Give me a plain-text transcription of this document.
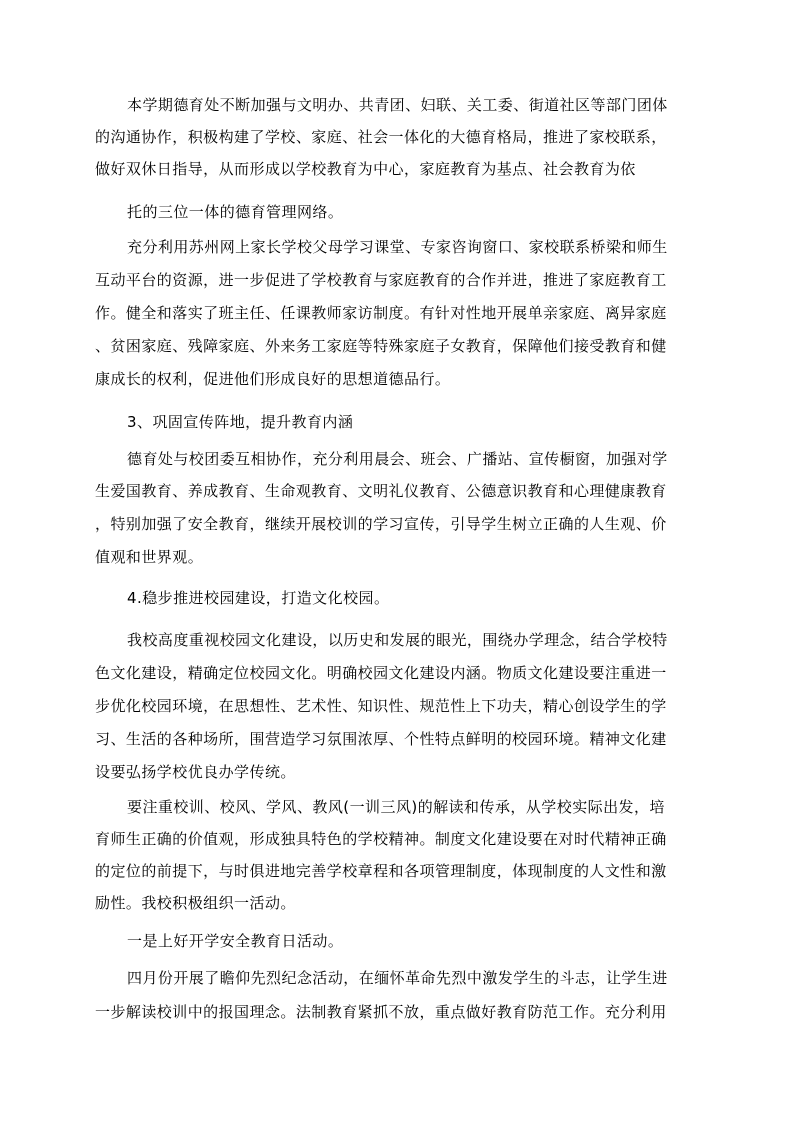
本学期德育处不断加强与文明办、共青团、妇联、关工委、街道社区等部门团体
的沟通协作，积极构建了学校、家庭、社会一体化的大德育格局，推进了家校联系，
做好双休日指导，从而形成以学校教育为中心，家庭教育为基点、社会教育为依
托的三位一体的德育管理网络。
充分利用苏州网上家长学校父母学习课堂、专家咨询窗口、家校联系桥梁和师生
互动平台的资源，进一步促进了学校教育与家庭教育的合作并进，推进了家庭教育工
作。健全和落实了班主任、任课教师家访制度。有针对性地开展单亲家庭、离异家庭
、贫困家庭、残障家庭、外来务工家庭等特殊家庭子女教育，保障他们接受教育和健
康成长的权利，促进他们形成良好的思想道德品行。
3、巩固宣传阵地，提升教育内涵
德育处与校团委互相协作，充分利用晨会、班会、广播站、宣传橱窗，加强对学
生爱国教育、养成教育、生命观教育、文明礼仪教育、公德意识教育和心理健康教育
，特别加强了安全教育，继续开展校训的学习宣传，引导学生树立正确的人生观、价
值观和世界观。
4.稳步推进校园建设，打造文化校园。
我校高度重视校园文化建设，以历史和发展的眼光，围绕办学理念，结合学校特
色文化建设，精确定位校园文化。明确校园文化建设内涵。物质文化建设要注重进一
步优化校园环境，在思想性、艺术性、知识性、规范性上下功夫，精心创设学生的学
习、生活的各种场所，围营造学习氛围浓厚、个性特点鲜明的校园环境。精神文化建
设要弘扬学校优良办学传统。
要注重校训、校风、学风、教风(一训三风)的解读和传承，从学校实际出发，培
育师生正确的价值观，形成独具特色的学校精神。制度文化建设要在对时代精神正确
的定位的前提下，与时俱进地完善学校章程和各项管理制度，体现制度的人文性和激
励性。我校积极组织一活动。
一是上好开学安全教育日活动。
四月份开展了瞻仰先烈纪念活动，在缅怀革命先烈中激发学生的斗志，让学生进
一步解读校训中的报国理念。法制教育紧抓不放，重点做好教育防范工作。充分利用
